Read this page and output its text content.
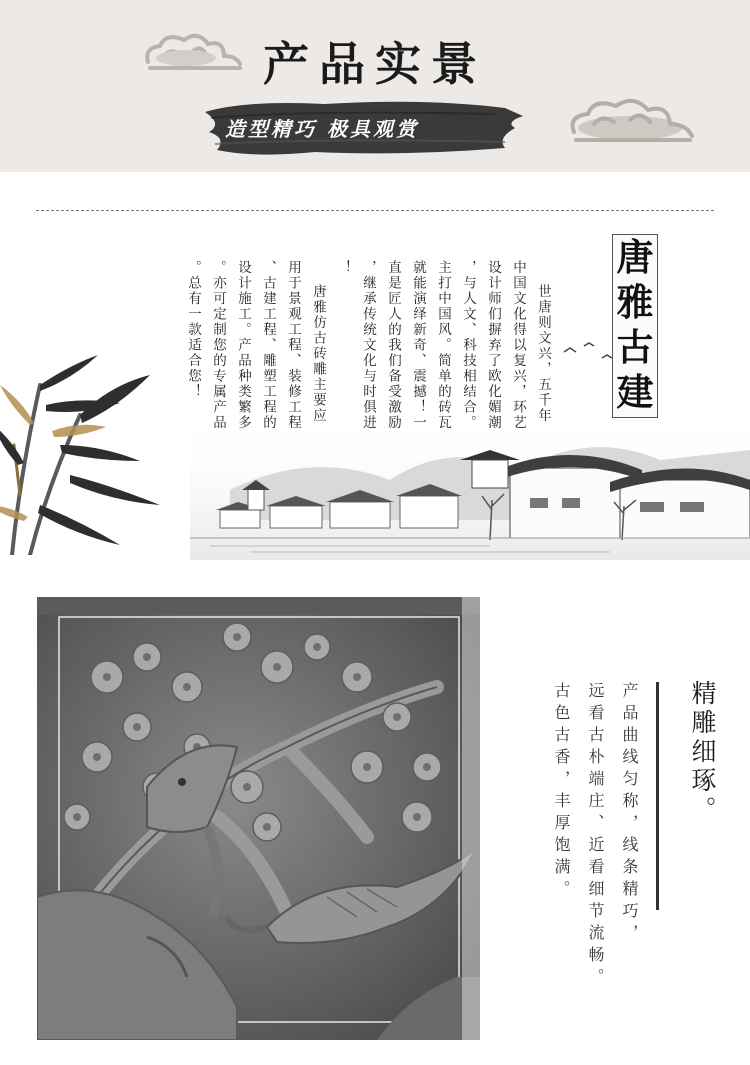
产品实景
造型精巧 极具观赏
唐
雅
古
建
世唐则文兴，五千年
中国文化得以复兴，环艺
设计师们摒弃了欧化媚潮
，与人文、科技相结合。
主打中国风。简单的砖瓦
就能演绎新奇、震撼！一
直是匠人的我们备受激励
，继承传统文化与时俱进
！
唐雅仿古砖雕主要应
用于景观工程、装修工程
、古建工程、雕塑工程的
设计施工。产品种类繁多
。亦可定制您的专属产品
。总有一款适合您！
精雕细琢。
产品曲线匀称，线条精巧，
远看古朴端庄、近看细节流畅。
古色古香，丰厚饱满。
